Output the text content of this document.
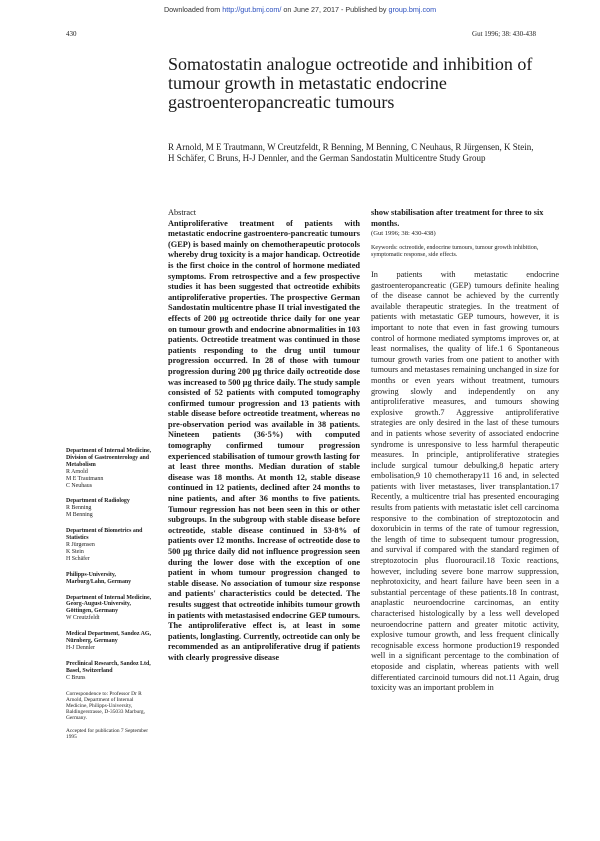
Downloaded from http://gut.bmj.com/ on June 27, 2017 - Published by group.bmj.com
430	Gut 1996; 38: 430-438
Somatostatin analogue octreotide and inhibition of tumour growth in metastatic endocrine gastroenteropancreatic tumours
R Arnold, M E Trautmann, W Creutzfeldt, R Benning, M Benning, C Neuhaus, R Jürgensen, K Stein, H Schäfer, C Bruns, H-J Dennler, and the German Sandostatin Multicentre Study Group
Department of Internal Medicine, Division of Gastroenterology and Metabolism
R Arnold
M E Trautmann
C Neuhaus
Department of Radiology
R Benning
M Benning
Department of Biometrics and Statistics
R Jürgensen
K Stein
H Schäfer
Philipps-University, Marburg/Lahn, Germany
Department of Internal Medicine, Georg-August-University, Göttingen, Germany
W Creutzfeldt
Medical Department, Sandoz AG, Nürnberg, Germany
H-J Dennler
Preclinical Research, Sandoz Ltd, Basel, Switzerland
C Bruns
Correspondence to: Professor Dr R Arnold, Department of Internal Medicine, Philipps-University, Baldingerstrasse, D-35033 Marburg, Germany.
Accepted for publication 7 September 1995
Abstract

Antiproliferative treatment of patients with metastatic endocrine gastroentero-pancreatic tumours (GEP) is based mainly on chemotherapeutic protocols whereby drug toxicity is a major handicap. Octreotide is the first choice in the control of hormone mediated symptoms. From retrospective and a few prospective studies it has been suggested that octreotide exhibits antiproliferative properties. The prospective German Sandostatin multicentre phase II trial investigated the effects of 200 µg octreotide thrice daily for one year on tumour growth and endocrine abnormalities in 103 patients. Octreotide treatment was continued in those patients responding to the drug until tumour progression occurred. In 28 of those with tumour progression during 200 µg thrice daily octreotide dose was increased to 500 µg thrice daily. The study sample consisted of 52 patients with computed tomography confirmed tumour progression and 13 patients with stable disease before octreotide treatment, whereas no pre-observation period was available in 38 patients. Nineteen patients (36·5%) with computed tomography confirmed tumour progression experienced stabilisation of tumour growth lasting for at least three months. Median duration of stable disease was 18 months. At month 12, stable disease continued in 12 patients, declined after 24 months to nine patients, and after 36 months to five patients. Tumour regression has not been seen in this or other subgroups. In the subgroup with stable disease before octreotide, stable disease continued in 53·8% of patients over 12 months. Increase of octreotide dose to 500 µg thrice daily did not influence progression seen during the lower dose with the exception of one patient in whom tumour progression changed to stable disease. No association of tumour size response and patients' characteristics could be detected. The results suggest that octreotide inhibits tumour growth in patients with metastasised endocrine GEP tumours. The antiproliferative effect is, at least in some patients, longlasting. Currently, octreotide can only be recommended as an antiproliferative drug if patients with clearly progressive disease

show stabilisation after treatment for three to six months.

(Gut 1996; 38: 430-438)

Keywords: octreotide, endocrine tumours, tumour growth inhibition, symptomatic response, side effects.

In patients with metastatic endocrine gastroenteropancreatic (GEP) tumours definite healing of the disease cannot be achieved by the currently available therapeutic strategies. In the treatment of patients with metastatic GEP tumours, however, it is important to note that even in fast growing tumours control of hormone mediated symptoms improves or, at least normalises, the quality of life.1 6 Spontaneous tumour growth varies from one patient to another with tumours and metastases remaining unchanged in size for months or even years without treatment, tumours growing slowly and independently on any antiproliferative measures, and tumours showing explosive growth.7 Aggressive antiproliferative strategies are only desired in the last of these tumours and in patients whose severity of associated endocrine syndrome is unresponsive to less harmful therapeutic measures. In principle, antiproliferative strategies include surgical tumour debulking,8 hepatic artery embolisation,9 10 chemotherapy11 16 and, in selected patients with liver metastases, liver transplantation.17 Recently, a multicentre trial has presented encouraging results from patients with metastatic islet cell carcinoma responsive to the combination of streptozotocin and doxorubicin in terms of the rate of tumour regression, the length of time to subsequent tumour progression, and survival if compared with the standard regimen of streptozotocin plus fluorouracil.18 Toxic reactions, however, including severe bone marrow suppression, nephrotoxicity, and heart failure have been seen in a substantial percentage of these patients.18 In contrast, anaplastic neuroendocrine carcinomas, an entity characterised histologically by a less well developed neuroendocrine pattern and greater mitotic activity, explosive tumour growth, and less frequent clinically recognisable excess hormone production19 responded well in a significant percentage to the combination of etoposide and cisplatin, whereas patients with well differentiated carcinoid tumours did not.11 Again, drug toxicity was an important problem in
